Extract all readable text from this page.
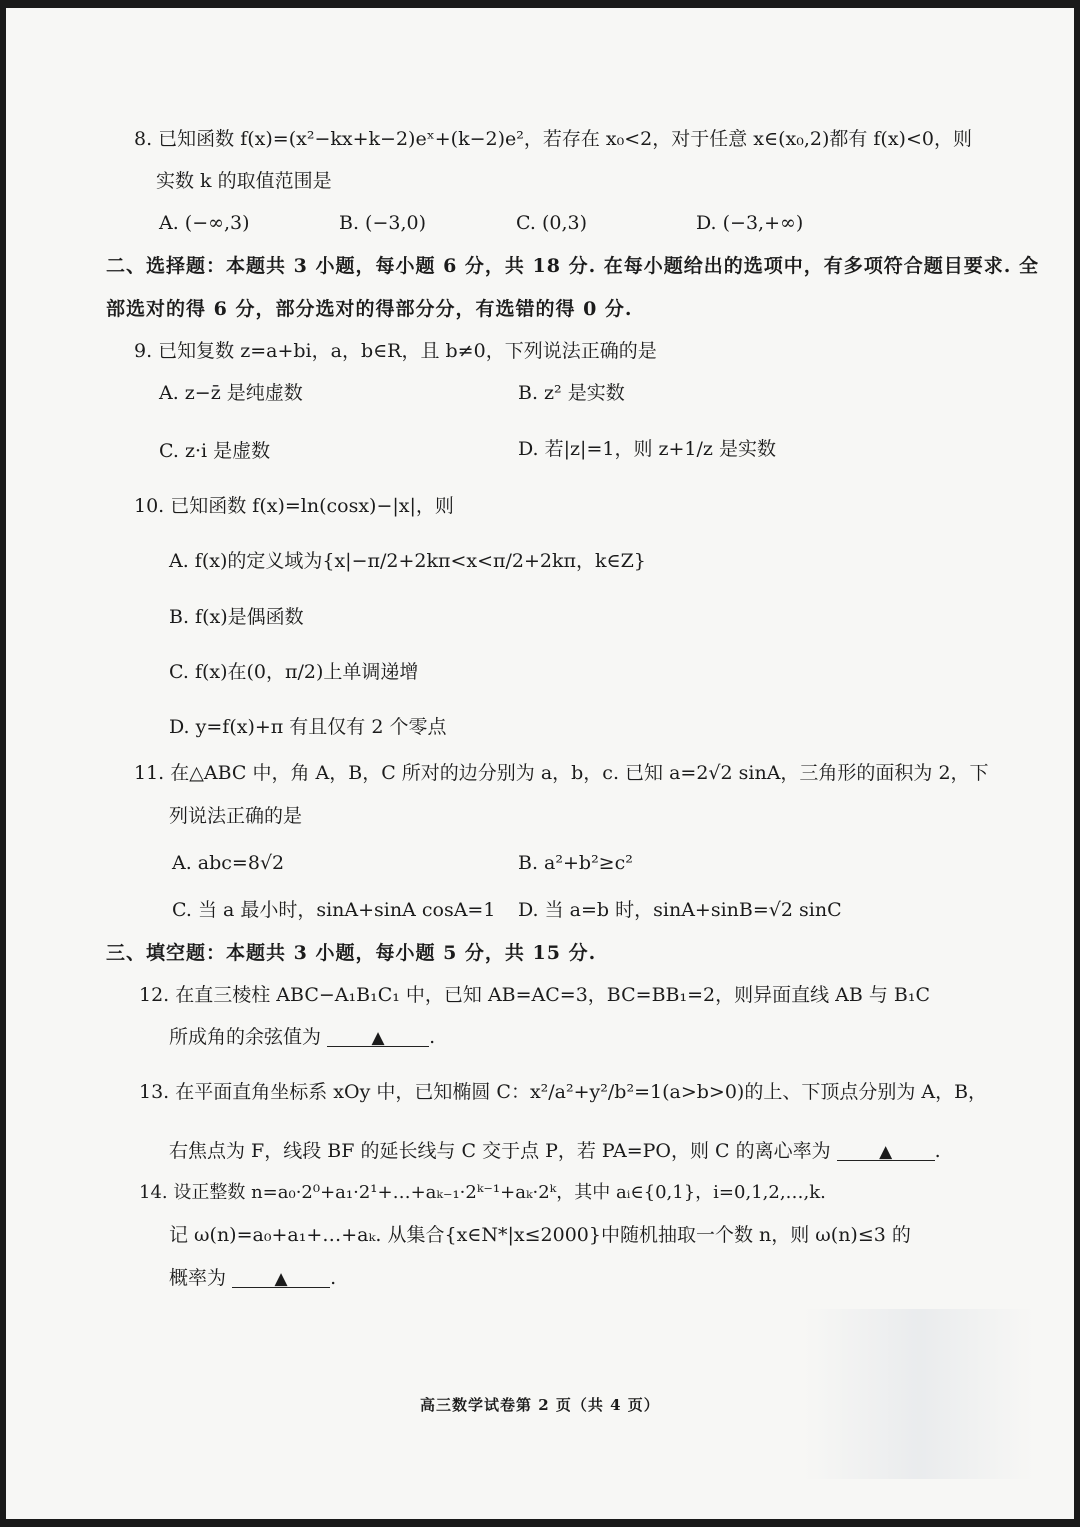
8. 已知函数 f(x)=(x²−kx+k−2)eˣ+(k−2)e²，若存在 x₀<2，对于任意 x∈(x₀,2)都有 f(x)<0，则
实数 k 的取值范围是
A. (−∞,3)	B. (−3,0)	C. (0,3)	D. (−3,+∞)
二、选择题：本题共 3 小题，每小题 6 分，共 18 分. 在每小题给出的选项中，有多项符合题目要求. 全
部选对的得 6 分，部分选对的得部分分，有选错的得 0 分.
9. 已知复数 z=a+bi，a，b∈R，且 b≠0，下列说法正确的是
A. z−z̄ 是纯虚数	B. z² 是实数
C. z·i 是虚数	D. 若|z|=1，则 z+1/z 是实数
10. 已知函数 f(x)=ln(cosx)−|x|，则
A. f(x)的定义域为{x|−π/2+2kπ<x<π/2+2kπ，k∈Z}
B. f(x)是偶函数
C. f(x)在(0，π/2)上单调递增
D. y=f(x)+π 有且仅有 2 个零点
11. 在△ABC 中，角 A，B，C 所对的边分别为 a，b，c. 已知 a=2√2 sinA，三角形的面积为 2，下
列说法正确的是
A. abc=8√2	B. a²+b²≥c²
C. 当 a 最小时，sinA+sinA cosA=1 D. 当 a=b 时，sinA+sinB=√2 sinC
三、填空题：本题共 3 小题，每小题 5 分，共 15 分.
12. 在直三棱柱 ABC−A₁B₁C₁ 中，已知 AB=AC=3，BC=BB₁=2，则异面直线 AB 与 B₁C
所成角的余弦值为	▲ .
13. 在平面直角坐标系 xOy 中，已知椭圆 C：x²/a²+y²/b²=1(a>b>0)的上、下顶点分别为 A，B，
右焦点为 F，线段 BF 的延长线与 C 交于点 P，若 PA=PO，则 C 的离心率为	▲ .
14. 设正整数 n=a₀·2⁰+a₁·2¹+…+aₖ₋₁·2ᵏ⁻¹+aₖ·2ᵏ，其中 aᵢ∈{0,1}，i=0,1,2,…,k.
记 ω(n)=a₀+a₁+…+aₖ. 从集合{x∈N*|x≤2000}中随机抽取一个数 n，则 ω(n)≤3 的
概率为	▲ .
高三数学试卷第 2 页（共 4 页）
